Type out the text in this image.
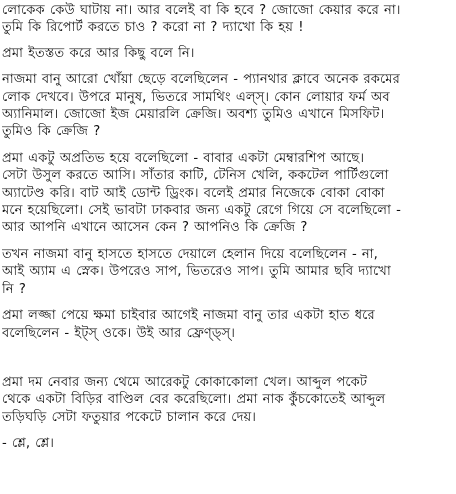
লোকেক কেউ ঘাটায় না। আর বলেই বা কি হবে ? জোজো কেয়ার করে না।
তুমি কি রিপোর্ট করতে চাও ? করো না ? দ্যাখো কি হয় !
প্রমা ইতস্তত করে আর কিছু বলে নি।
নাজমা বানু আরো খোঁয়া ছেড়ে বলেছিলেন - প্যানথার ক্লাবে অনেক রকমের
লোক দেখবে। উপরে মানুষ, ভিতরে সামথিং এল্স্। কোন লোয়ার ফর্ম অব
অ্যানিমাল। জোজো ইজ মেয়ারলি ক্রেজি। অবশ্য তুমিও এখানে মিসফিট।
তুমিও কি ক্রেজি ?
প্রমা একটু অপ্রতিভ হয়ে বলেছিলো - বাবার একটা মেম্বারশিপ আছে।
সেটা উসুল করতে আসি। সাঁতার কাটি, টেনিস খেলি, ককটেল পার্টিগুলো
অ্যাটেণ্ড করি। বাট আই ডোন্ট ড্রিংক। বলেই প্রমার নিজেকে বোকা বোকা
মনে হয়েছিলো। সেই ভাবটা ঢাকবার জন্য একটু রেগে গিয়ে সে বলেছিলো -
আর আপনি এখানে আসেন কেন ? আপনিও কি ক্রেজি ?
তখন নাজমা বানু হাসতে হাসতে দেয়ালে হেলান দিয়ে বলেছিলেন - না,
আই অ্যাম এ স্নেক। উপরেও সাপ, ভিতরেও সাপ। তুমি আমার ছবি দ্যাখো
নি ?
প্রমা লজ্জা পেয়ে ক্ষমা চাইবার আগেই নাজমা বানু তার একটা হাত ধরে
বলেছিলেন - ইট্স্ ওকে। উই আর ফ্রেণ্ড্স্।
প্রমা দম নেবার জন্য থেমে আরেকটু কোকাকোলা খেল। আব্দুল পকেট
থেকে একটা বিড়ির বাণ্ডিল বের করেছিলো। প্রমা নাক কুঁচকোতেই আব্দুল
তড়িঘড়ি সেটা ফতুয়ার পকেটে চালান করে দেয়।
- শ্লে, শ্লে।
